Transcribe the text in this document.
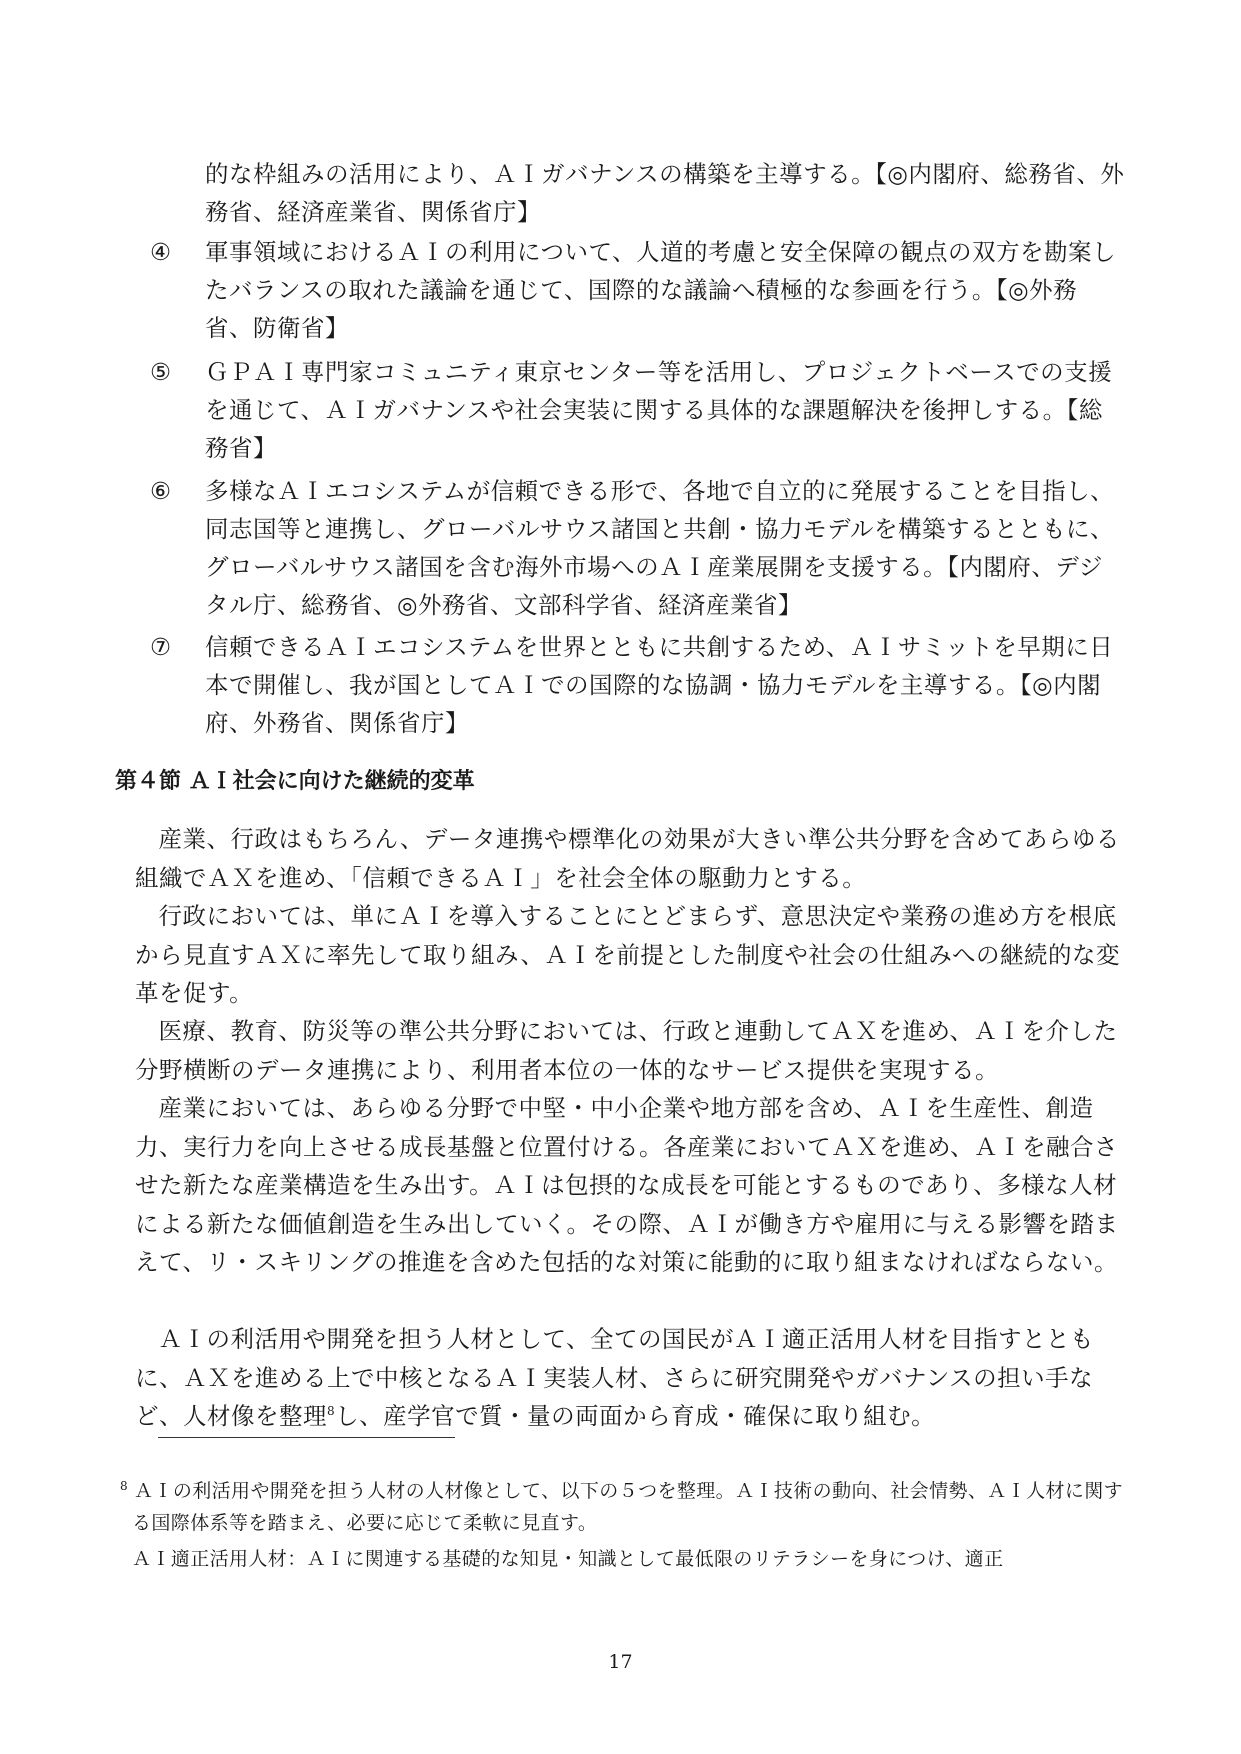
的な枠組みの活用により、ＡＩガバナンスの構築を主導する。【◎内閣府、総務省、外務省、経済産業省、関係省庁】
④	軍事領域におけるＡＩの利用について、人道的考慮と安全保障の観点の双方を勘案したバランスの取れた議論を通じて、国際的な議論へ積極的な参画を行う。【◎外務省、防衛省】
⑤	ＧＰＡＩ専門家コミュニティ東京センター等を活用し、プロジェクトベースでの支援を通じて、ＡＩガバナンスや社会実装に関する具体的な課題解決を後押しする。【総務省】
⑥	多様なＡＩエコシステムが信頼できる形で、各地で自立的に発展することを目指し、同志国等と連携し、グローバルサウス諸国と共創・協力モデルを構築するとともに、グローバルサウス諸国を含む海外市場へのＡＩ産業展開を支援する。【内閣府、デジタル庁、総務省、◎外務省、文部科学省、経済産業省】
⑦	信頼できるＡＩエコシステムを世界とともに共創するため、ＡＩサミットを早期に日本で開催し、我が国としてＡＩでの国際的な協調・協力モデルを主導する。【◎内閣府、外務省、関係省庁】
第４節 ＡＩ社会に向けた継続的変革
産業、行政はもちろん、データ連携や標準化の効果が大きい準公共分野を含めてあらゆる組織でＡＸを進め、「信頼できるＡＩ」を社会全体の駆動力とする。
行政においては、単にＡＩを導入することにとどまらず、意思決定や業務の進め方を根底から見直すＡＸに率先して取り組み、ＡＩを前提とした制度や社会の仕組みへの継続的な変革を促す。
医療、教育、防災等の準公共分野においては、行政と連動してＡＸを進め、ＡＩを介した分野横断のデータ連携により、利用者本位の一体的なサービス提供を実現する。
産業においては、あらゆる分野で中堅・中小企業や地方部を含め、ＡＩを生産性、創造力、実行力を向上させる成長基盤と位置付ける。各産業においてＡＸを進め、ＡＩを融合させた新たな産業構造を生み出す。ＡＩは包摂的な成長を可能とするものであり、多様な人材による新たな価値創造を生み出していく。その際、ＡＩが働き方や雇用に与える影響を踏まえて、リ・スキリングの推進を含めた包括的な対策に能動的に取り組まなければならない。
ＡＩの利活用や開発を担う人材として、全ての国民がＡＩ適正活用人材を目指すとともに、ＡＸを進める上で中核となるＡＩ実装人材、さらに研究開発やガバナンスの担い手など、人材像を整理$^8$し、産学官で質・量の両面から育成・確保に取り組む。
$^8$ ＡＩの利活用や開発を担う人材の人材像として、以下の５つを整理。ＡＩ技術の動向、社会情勢、ＡＩ人材に関する国際体系等を踏まえ、必要に応じて柔軟に見直す。
ＡＩ適正活用人材：ＡＩに関連する基礎的な知見・知識として最低限のリテラシーを身につけ、適正
17
